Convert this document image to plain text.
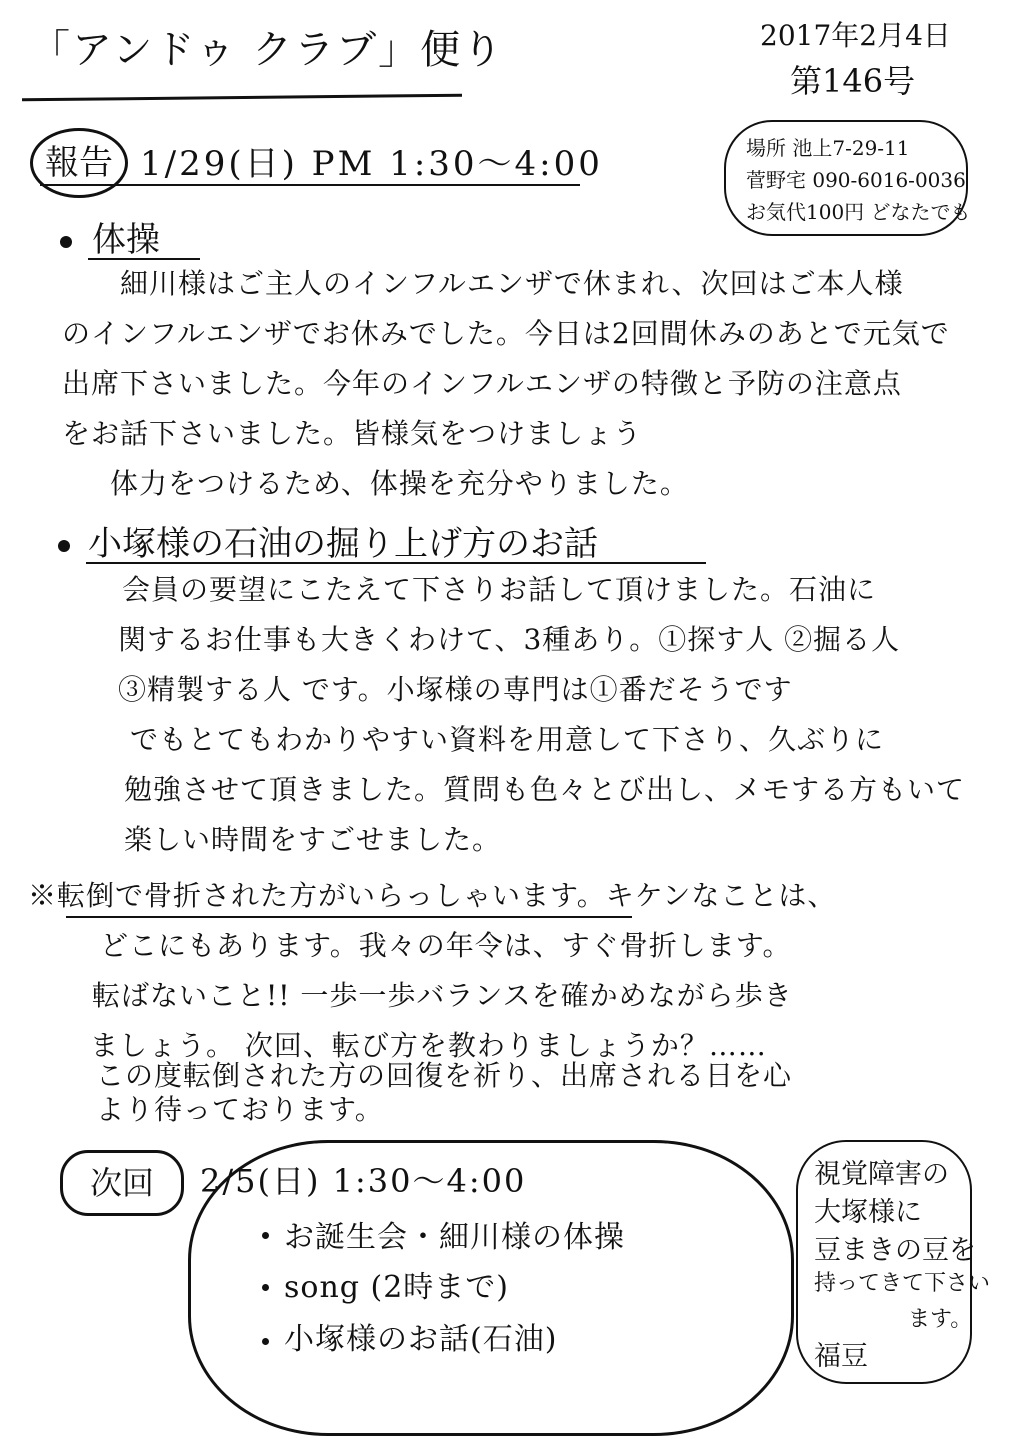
「アンドゥ クラブ」便り	2017年2月4日
第146号
報告 1/29(日) PM 1:30〜4:00	場所 池上7-29-11
菅野宅 090-6016-0036
お気代100円 どなたでも
体操
細川様はご主人のインフルエンザで休まれ、次回はご本人様
のインフルエンザでお休みでした。今日は2回間休みのあとで元気で
出席下さいました。今年のインフルエンザの特徴と予防の注意点
をお話下さいました。皆様気をつけましょう
体力をつけるため、体操を充分やりました。
小塚様の石油の掘り上げ方のお話
会員の要望にこたえて下さりお話して頂けました。石油に
関するお仕事も大きくわけて、3種あり。①探す人 ②掘る人
③精製する人 です。小塚様の専門は①番だそうです
でもとてもわかりやすい資料を用意して下さり、久ぶりに
勉強させて頂きました。質問も色々とび出し、メモする方もいて
楽しい時間をすごせました。
※転倒で骨折された方がいらっしゃいます。キケンなことは、
どこにもあります。我々の年令は、すぐ骨折します。
転ばないこと!! 一歩一歩バランスを確かめながら歩き
ましょう。 次回、転び方を教わりましょうか？……
この度転倒された方の回復を祈り、出席される日を心
より待っております。
次回	2/5(日) 1:30〜4:00
お誕生会・細川様の体操
song (2時まで)
小塚様のお話(石油)
視覚障害の
大塚様に
豆まきの豆を
持ってきて下さい
ます。
福豆
